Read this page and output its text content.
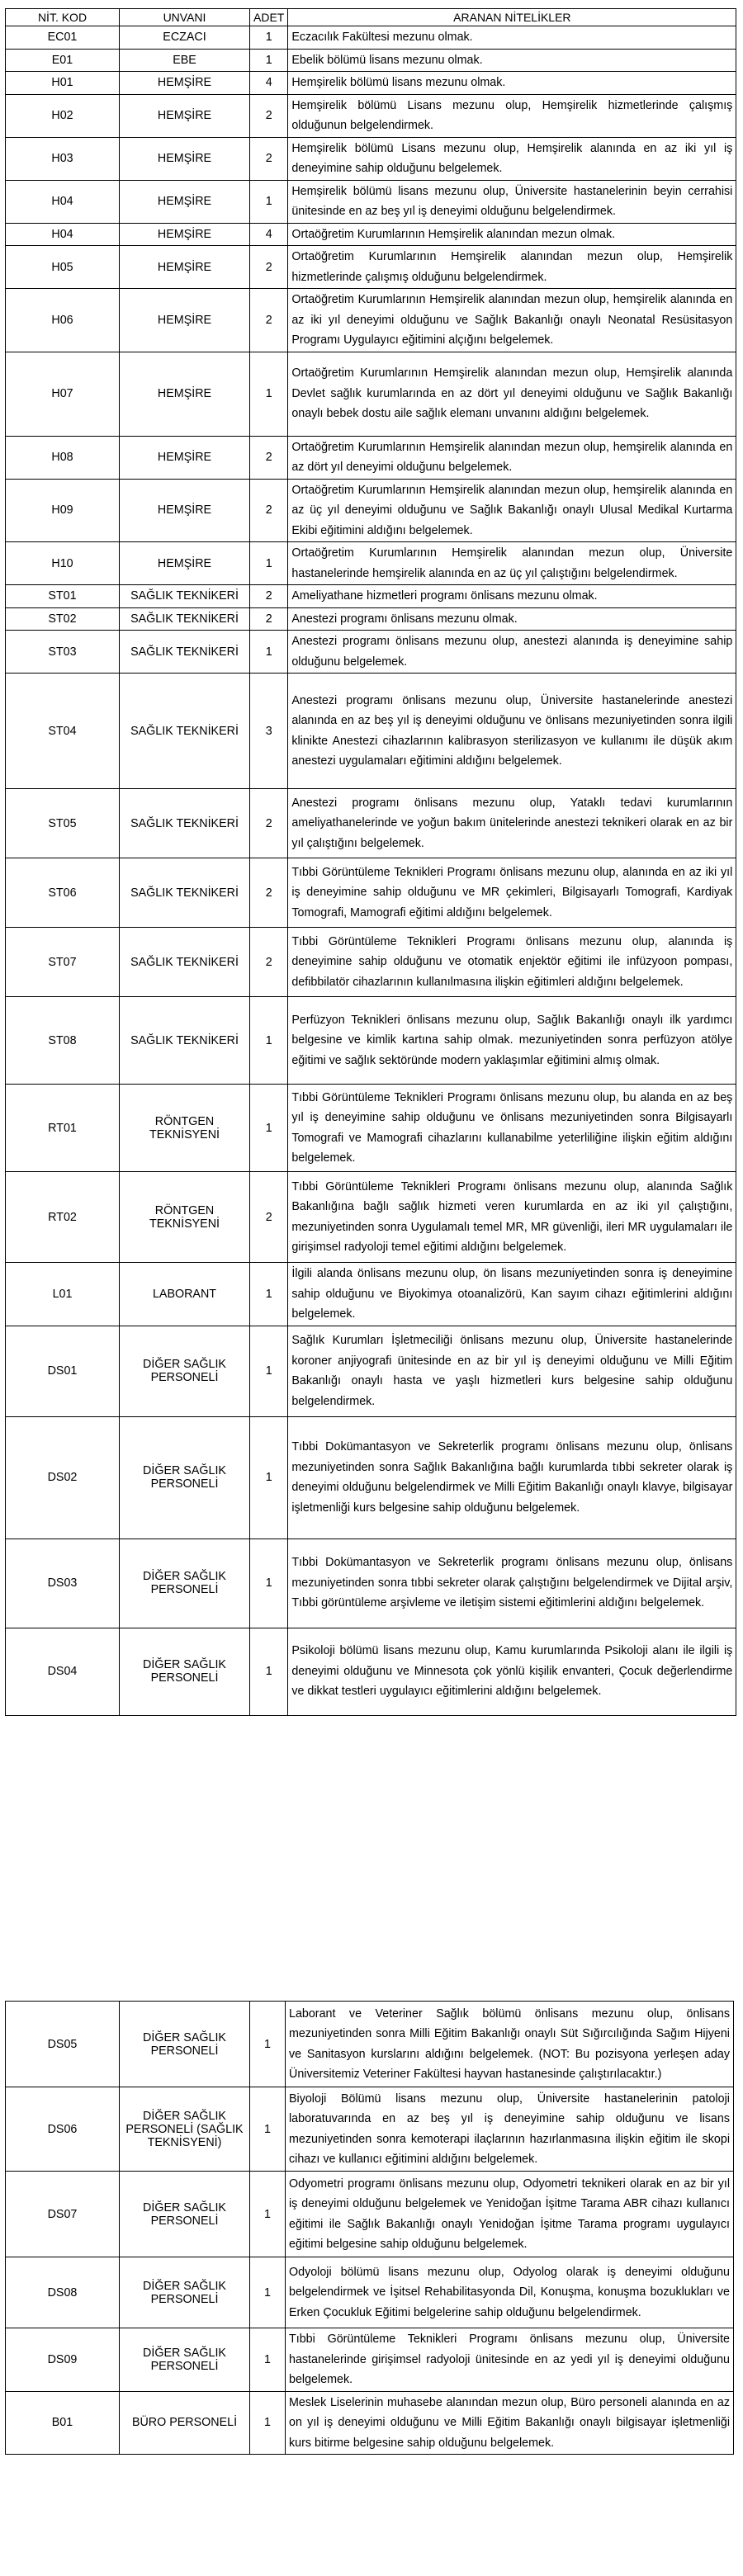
NİT. KOD	UNVANI	ADET	ARANAN NİTELİKLER
EC01	ECZACI	1	Eczacılık Fakültesi mezunu olmak.
E01	EBE	1	Ebelik bölümü lisans mezunu olmak.
H01	HEMŞİRE	4	Hemşirelik bölümü lisans mezunu olmak.
H02	HEMŞİRE	2	Hemşirelik bölümü Lisans mezunu olup, Hemşirelik hizmetlerinde çalışmış olduğunun belgelendirmek.
H03	HEMŞİRE	2	Hemşirelik bölümü Lisans mezunu olup, Hemşirelik alanında en az iki yıl iş deneyimine sahip olduğunu belgelemek.
H04	HEMŞİRE	1	Hemşirelik bölümü lisans mezunu olup, Üniversite hastanelerinin beyin cerrahisi ünitesinde en az beş yıl iş deneyimi olduğunu belgelendirmek.
H04	HEMŞİRE	4	Ortaöğretim Kurumlarının Hemşirelik alanından mezun olmak.
H05	HEMŞİRE	2	Ortaöğretim Kurumlarının Hemşirelik alanından mezun olup, Hemşirelik hizmetlerinde çalışmış olduğunu belgelendirmek.
H06	HEMŞİRE	2	Ortaöğretim Kurumlarının Hemşirelik alanından mezun olup, hemşirelik alanında en az iki yıl deneyimi olduğunu ve Sağlık Bakanlığı onaylı Neonatal Resüsitasyon Programı Uygulayıcı eğitimini alçığını belgelemek.
H07	HEMŞİRE	1	Ortaöğretim Kurumlarının Hemşirelik alanından mezun olup, Hemşirelik alanında Devlet sağlık kurumlarında en az dört yıl deneyimi olduğunu ve Sağlık Bakanlığı onaylı bebek dostu aile sağlık elemanı unvanını aldığını belgelemek.
H08	HEMŞİRE	2	Ortaöğretim Kurumlarının Hemşirelik alanından mezun olup, hemşirelik alanında en az dört yıl deneyimi olduğunu belgelemek.
H09	HEMŞİRE	2	Ortaöğretim Kurumlarının Hemşirelik alanından mezun olup, hemşirelik alanında en az üç yıl deneyimi olduğunu ve Sağlık Bakanlığı onaylı Ulusal Medikal Kurtarma Ekibi eğitimini aldığını belgelemek.
H10	HEMŞİRE	1	Ortaöğretim Kurumlarının Hemşirelik alanından mezun olup, Üniversite hastanelerinde hemşirelik alanında en az üç yıl çalıştığını belgelendirmek.
ST01	SAĞLIK TEKNİKERİ	2	Ameliyathane hizmetleri programı önlisans mezunu olmak.
ST02	SAĞLIK TEKNİKERİ	2	Anestezi programı önlisans mezunu olmak.
ST03	SAĞLIK TEKNİKERİ	1	Anestezi programı önlisans mezunu olup, anestezi alanında iş deneyimine sahip olduğunu belgelemek.
ST04	SAĞLIK TEKNİKERİ	3	Anestezi programı önlisans mezunu olup, Üniversite hastanelerinde anestezi alanında en az beş yıl iş deneyimi olduğunu ve önlisans mezuniyetinden sonra ilgili klinikte Anestezi cihazlarının kalibrasyon sterilizasyon ve kullanımı ile düşük akım anestezi uygulamaları eğitimini aldığını belgelemek.
ST05	SAĞLIK TEKNİKERİ	2	Anestezi programı önlisans mezunu olup, Yataklı tedavi kurumlarının ameliyathanelerinde ve yoğun bakım ünitelerinde anestezi teknikeri olarak en az bir yıl çalıştığını belgelemek.
ST06	SAĞLIK TEKNİKERİ	2	Tıbbi Görüntüleme Teknikleri Programı önlisans mezunu olup, alanında en az iki yıl iş deneyimine sahip olduğunu ve MR çekimleri, Bilgisayarlı Tomografi, Kardiyak Tomografi, Mamografi eğitimi aldığını belgelemek.
ST07	SAĞLIK TEKNİKERİ	2	Tıbbi Görüntüleme Teknikleri Programı önlisans mezunu olup, alanında iş deneyimine sahip olduğunu ve otomatik enjektör eğitimi ile infüzyoon pompası, defibbilatör cihazlarının kullanılmasına ilişkin eğitimleri aldığını belgelemek.
ST08	SAĞLIK TEKNİKERİ	1	Perfüzyon Teknikleri önlisans mezunu olup, Sağlık Bakanlığı onaylı ilk yardımcı belgesine ve kimlik kartına sahip olmak. mezuniyetinden sonra perfüzyon atölye eğitimi ve sağlık sektöründe modern yaklaşımlar eğitimini almış olmak.
RT01	RÖNTGEN TEKNİSYENİ	1	Tıbbi Görüntüleme Teknikleri Programı önlisans mezunu olup, bu alanda en az beş yıl iş deneyimine sahip olduğunu ve önlisans mezuniyetinden sonra Bilgisayarlı Tomografi ve Mamografi cihazlarını kullanabilme yeterliliğine ilişkin eğitim aldığını belgelemek.
RT02	RÖNTGEN TEKNİSYENİ	2	Tıbbi Görüntüleme Teknikleri Programı önlisans mezunu olup, alanında Sağlık Bakanlığına bağlı sağlık hizmeti veren kurumlarda en az iki yıl çalıştığını, mezuniyetinden sonra Uygulamalı temel MR, MR güvenliği, ileri MR uygulamaları ile girişimsel radyoloji temel eğitimi aldığını belgelemek.
L01	LABORANT	1	İlgili alanda önlisans mezunu olup, ön lisans mezuniyetinden sonra iş deneyimine sahip olduğunu ve Biyokimya otoanalizörü, Kan sayım cihazı eğitimlerini aldığını belgelemek.
DS01	DİĞER SAĞLIK PERSONELİ	1	Sağlık Kurumları İşletmeciliği önlisans mezunu olup, Üniversite hastanelerinde koroner anjiyografi ünitesinde en az bir yıl iş deneyimi olduğunu ve Milli Eğitim Bakanlığı onaylı hasta ve yaşlı hizmetleri kurs belgesine sahip olduğunu belgelendirmek.
DS02	DİĞER SAĞLIK PERSONELİ	1	Tıbbi Dokümantasyon ve Sekreterlik programı önlisans mezunu olup, önlisans mezuniyetinden sonra Sağlık Bakanlığına bağlı kurumlarda tıbbi sekreter olarak iş deneyimi olduğunu belgelendirmek ve Milli Eğitim Bakanlığı onaylı klavye, bilgisayar işletmenliği kurs belgesine sahip olduğunu belgelemek.
DS03	DİĞER SAĞLIK PERSONELİ	1	Tıbbi Dokümantasyon ve Sekreterlik programı önlisans mezunu olup, önlisans mezuniyetinden sonra tıbbi sekreter olarak çalıştığını belgelendirmek ve Dijital arşiv, Tıbbi görüntüleme arşivleme ve iletişim sistemi eğitimlerini aldığını belgelemek.
DS04	DİĞER SAĞLIK PERSONELİ	1	Psikoloji bölümü lisans mezunu olup, Kamu kurumlarında Psikoloji alanı ile ilgili iş deneyimi olduğunu ve Minnesota çok yönlü kişilik envanteri, Çocuk değerlendirme ve dikkat testleri uygulayıcı eğitimlerini aldığını belgelemek.
DS05	DİĞER SAĞLIK PERSONELİ	1	Laborant ve Veteriner Sağlık bölümü önlisans mezunu olup, önlisans mezuniyetinden sonra Milli Eğitim Bakanlığı onaylı Süt Sığırcılığında Sağım Hijyeni ve Sanitasyon kurslarını aldığını belgelemek. (NOT: Bu pozisyona yerleşen aday Üniversitemiz Veteriner Fakültesi hayvan hastanesinde çalıştırılacaktır.)
DS06	DİĞER SAĞLIK PERSONELİ (SAĞLIK TEKNİSYENİ)	1	Biyoloji Bölümü lisans mezunu olup, Üniversite hastanelerinin patoloji laboratuvarında en az beş yıl iş deneyimine sahip olduğunu ve lisans mezuniyetinden sonra kemoterapi ilaçlarının hazırlanmasına ilişkin eğitim ile skopi cihazı ve kullanıcı eğitimini aldığını belgelemek.
DS07	DİĞER SAĞLIK PERSONELİ	1	Odyometri programı önlisans mezunu olup, Odyometri teknikeri olarak en az bir yıl iş deneyimi olduğunu belgelemek ve Yenidoğan İşitme Tarama ABR cihazı kullanıcı eğitimi ile Sağlık Bakanlığı onaylı Yenidoğan İşitme Tarama programı uygulayıcı eğitimi belgesine sahip olduğunu belgelemek.
DS08	DİĞER SAĞLIK PERSONELİ	1	Odyoloji bölümü lisans mezunu olup, Odyolog olarak iş deneyimi olduğunu belgelendirmek ve İşitsel Rehabilitasyonda Dil, Konuşma, konuşma bozuklukları ve Erken Çocukluk Eğitimi belgelerine sahip olduğunu belgelendirmek.
DS09	DİĞER SAĞLIK PERSONELİ	1	Tıbbi Görüntüleme Teknikleri Programı önlisans mezunu olup, Üniversite hastanelerinde girişimsel radyoloji ünitesinde en az yedi yıl iş deneyimi olduğunu belgelemek.
B01	BÜRO PERSONELİ	1	Meslek Liselerinin muhasebe alanından mezun olup, Büro personeli alanında en az on yıl iş deneyimi olduğunu ve Milli Eğitim Bakanlığı onaylı bilgisayar işletmenliği kurs bitirme belgesine sahip olduğunu belgelemek.
